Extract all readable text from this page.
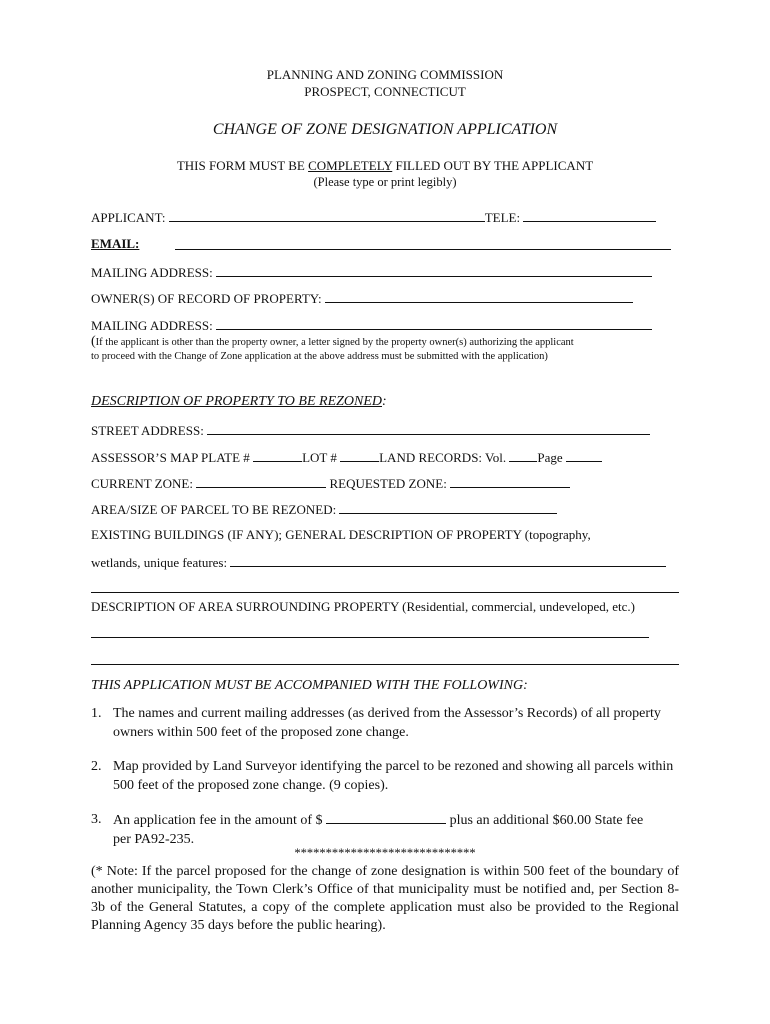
PLANNING AND ZONING COMMISSION
PROSPECT, CONNECTICUT
CHANGE OF ZONE DESIGNATION APPLICATION
THIS FORM MUST BE COMPLETELY FILLED OUT BY THE APPLICANT
(Please type or print legibly)
APPLICANT:	TELE:
EMAIL:
MAILING ADDRESS:
OWNER(S) OF RECORD OF PROPERTY:
MAILING ADDRESS:
(If the applicant is other than the property owner, a letter signed by the property owner(s) authorizing the applicant
to proceed with the Change of Zone application at the above address must be submitted with the application)
DESCRIPTION OF PROPERTY TO BE REZONED:
STREET ADDRESS:
ASSESSOR’S MAP PLATE #	LOT #	LAND RECORDS: Vol. Page
CURRENT ZONE:	REQUESTED ZONE:
AREA/SIZE OF PARCEL TO BE REZONED:
EXISTING BUILDINGS (IF ANY); GENERAL DESCRIPTION OF PROPERTY (topography,
wetlands, unique features:
DESCRIPTION OF AREA SURROUNDING PROPERTY (Residential, commercial, undeveloped, etc.)
THIS APPLICATION MUST BE ACCOMPANIED WITH THE FOLLOWING:
1. The names and current mailing addresses (as derived from the Assessor’s Records) of all property owners within 500 feet of the proposed zone change.
2. Map provided by Land Surveyor identifying the parcel to be rezoned and showing all parcels within 500 feet of the proposed zone change. (9 copies).
3. An application fee in the amount of $	plus an additional $60.00 State fee
per PA92-235.
*****************************
(* Note: If the parcel proposed for the change of zone designation is within 500 feet of the boundary of another municipality, the Town Clerk’s Office of that municipality must be notified and, per Section 8-3b of the General Statutes, a copy of the complete application must also be provided to the Regional Planning Agency 35 days before the public hearing).
